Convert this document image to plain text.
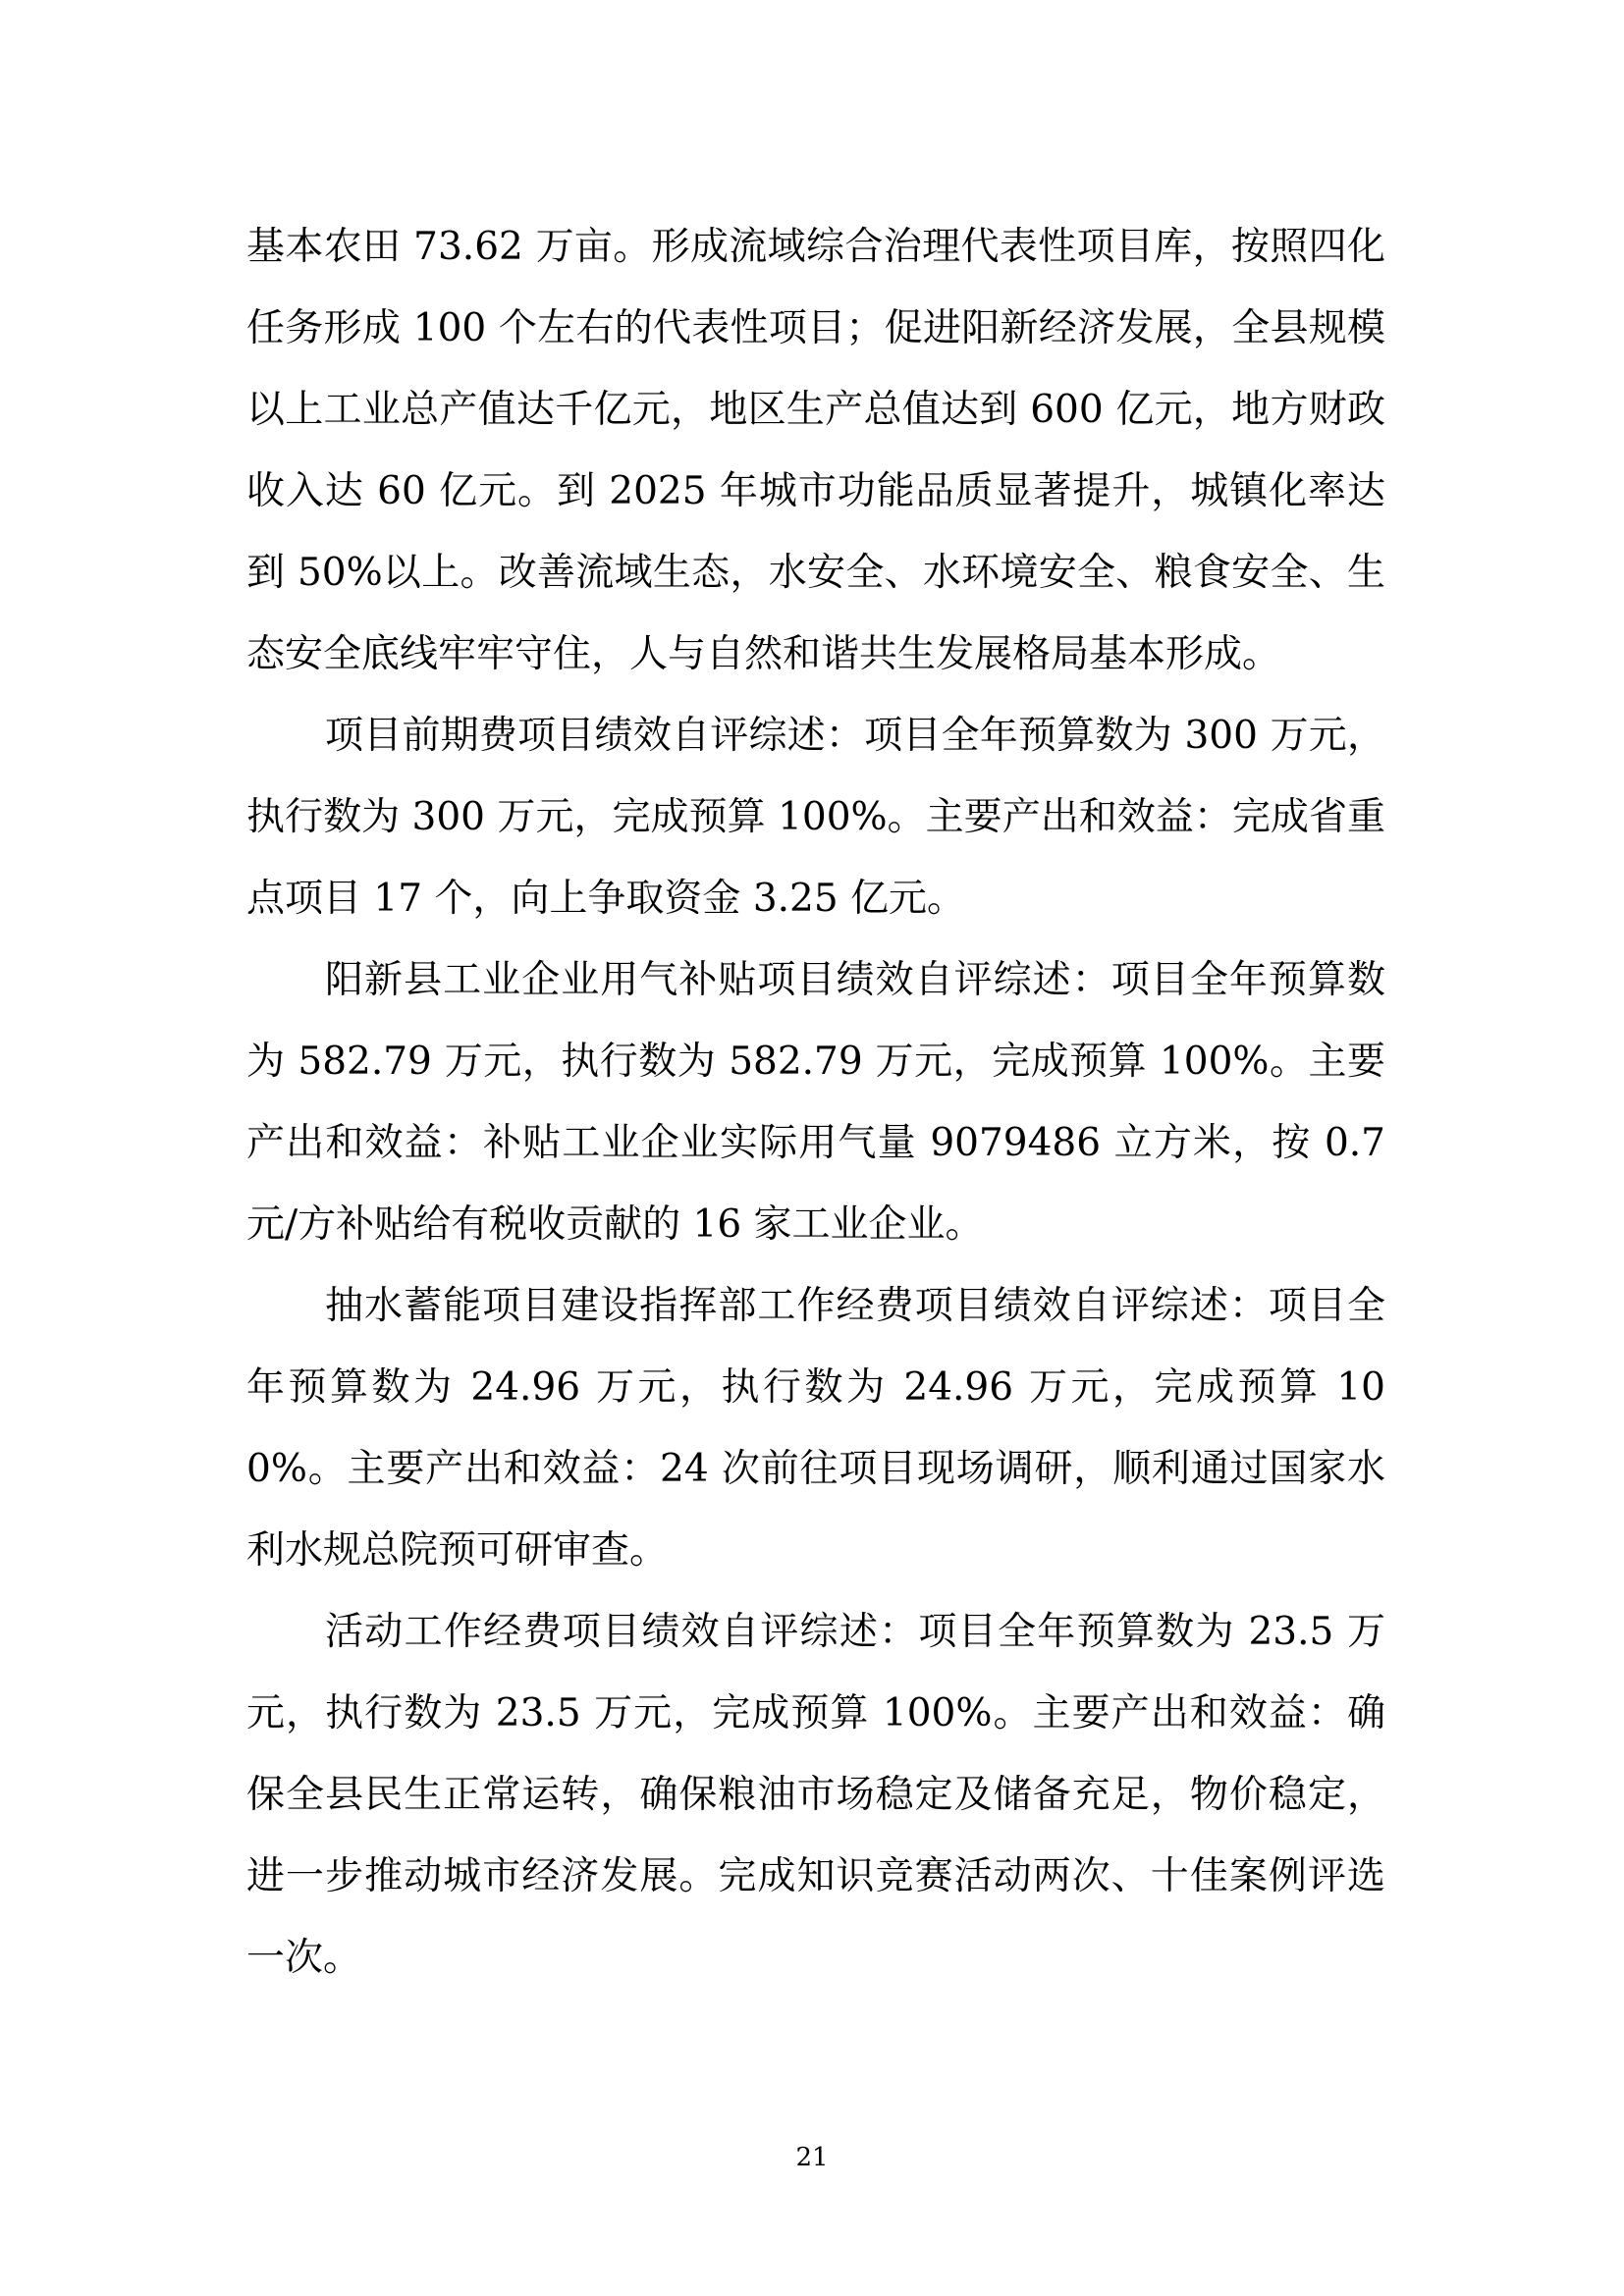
基本农田 73.62 万亩。形成流域综合治理代表性项目库，按照四化任务形成 100 个左右的代表性项目；促进阳新经济发展，全县规模以上工业总产值达千亿元，地区生产总值达到 600 亿元，地方财政收入达 60 亿元。到 2025 年城市功能品质显著提升，城镇化率达到 50%以上。改善流域生态，水安全、水环境安全、粮食安全、生态安全底线牢牢守住，人与自然和谐共生发展格局基本形成。

项目前期费项目绩效自评综述：项目全年预算数为 300 万元，执行数为 300 万元，完成预算 100%。主要产出和效益：完成省重点项目 17 个，向上争取资金 3.25 亿元。

阳新县工业企业用气补贴项目绩效自评综述：项目全年预算数为 582.79 万元，执行数为 582.79 万元，完成预算 100%。主要产出和效益：补贴工业企业实际用气量 9079486 立方米，按 0.7 元/方补贴给有税收贡献的 16 家工业企业。

抽水蓄能项目建设指挥部工作经费项目绩效自评综述：项目全年预算数为 24.96 万元，执行数为 24.96 万元，完成预算 100%。主要产出和效益：24 次前往项目现场调研，顺利通过国家水利水规总院预可研审查。

活动工作经费项目绩效自评综述：项目全年预算数为 23.5 万元，执行数为 23.5 万元，完成预算 100%。主要产出和效益：确保全县民生正常运转，确保粮油市场稳定及储备充足，物价稳定，进一步推动城市经济发展。完成知识竞赛活动两次、十佳案例评选一次。

21
